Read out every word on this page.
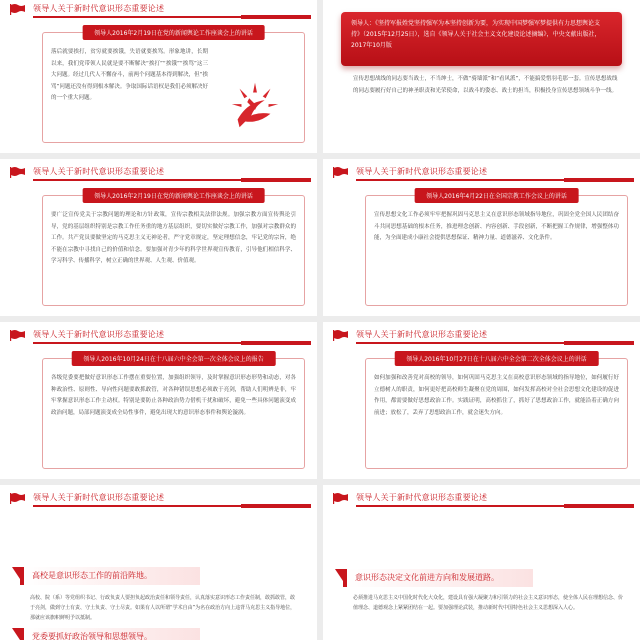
领导人关于新时代意识形态重要论述
领导人2016年2月19日在党的新闻舆论工作座谈会上的讲话
落后就要挨打，贫穷就要挨饿，失语就要挨骂。形象地讲，长期以来，我们党带领人民就是要不断解决“挨打”“挨饿”“挨骂”这三大问题。经过几代人不懈奋斗，前两个问题基本得到解决，但“挨骂”问题还没有得到根本解决。争取国际话语权是我们必须解决好的一个重大问题。
领导人：《坚持军报姓党坚持强军为本坚持创新为要，为实现中国梦强军梦提供有力思想舆论支持》（2015年12月25日），选自《领导人关于社会主义文化建设论述摘编》，中央文献出版社，2017年10月版
宣传思想战线的同志要当战士，不当绅士，不做“骑墙派”和“看风派”，不能搞爱惜羽毛那一套。宣传思想战线的同志要履行好自己的神圣职责和光荣使命，以战斗的姿态、战士的担当，积极投身宣传思想领域斗争一线。
领导人关于新时代意识形态重要论述
领导人2016年2月19日在党的新闻舆论工作座谈会上的讲话
要广泛宣传党关于宗教问题的理论和方针政策，宣传宗教相关法律法规。加强宗教方面宣传舆论引导，党的基层组织特别是宗教工作任务重的地方基层组织，要切实做好宗教工作，加强对宗教群众的工作。共产党员要做坚定的马克思主义无神论者，严守党章规定，坚定理想信念，牢记党的宗旨，绝不能在宗教中寻找自己的价值和信念。要加强对青少年的科学世界观宣传教育，引导他们相信科学、学习科学、传播科学，树立正确的世界观、人生观、价值观。
领导人关于新时代意识形态重要论述
领导人2016年4月22日在全国宗教工作会议上的讲话
宣传思想文化工作必须牢牢把握巩固马克思主义在意识形态领域指导地位，巩固全党全国人民团结奋斗共同思想基础的根本任务，推进理念创新、内容创新、手段创新，不断把握工作规律，增强整体功能，为全面建成小康社会提供思想保证、精神力量、道德滋养、文化条件。
领导人关于新时代意识形态重要论述
领导人2016年10月24日在十八届六中全会第一次全体会议上的报告
各级党委要把做好意识形态工作摆在重要位置，加强组织领导，及时掌握意识形态形势和动态，对各种政治性、原则性、导向性问题要敢抓敢管，对各种错误思想必须敢于亮剑，帮助人们明辨是非，牢牢掌握意识形态工作主动权。特别是要防止各种政治势力借机干扰和破坏，避免一些具体问题演变成政治问题，局部问题演变成全局性事件，避免出现大的意识形态事件和舆论漩涡。
领导人关于新时代意识形态重要论述
领导人2016年10月27日在十八届六中全会第二次全体会议上的讲话
如何加强和改善党对高校的领导，如何巩固马克思主义在高校意识形态领域的指导地位，如何履行好立德树人的职责，如何更好把高校师生凝聚在党的周围，如何发挥高校对全社会思想文化建设的促进作用，都需要做好思想政治工作。实践证明，高校抓住了，抓好了思想政治工作，就能沿着正确方向前进；放松了，丢弃了思想政治工作，就会迷失方向。
领导人关于新时代意识形态重要论述
高校是意识形态工作的前沿阵地。
高校、院（系）等党组织书记、行政负责人要担负起政治责任和领导责任，认真落实意识形态工作责任制，敢抓敢管，敢于亮剑，做到守土有责、守土负责、守土尽责。如果有人以所谓“学术自由”为名在政治方向上违背马克思主义指导地位，那就应该旗帜鲜明予以抵制。
党委要抓好政治领导和思想领导。
领导人关于新时代意识形态重要论述
意识形态决定文化前进方向和发展道路。
必须推进马克思主义中国化时代化大众化，建设具有强大凝聚力和引领力的社会主义意识形态，使全体人民在理想信念、价值理念、道德观念上紧紧团结在一起。要加强理论武装，推动新时代中国特色社会主义思想深入人心。
